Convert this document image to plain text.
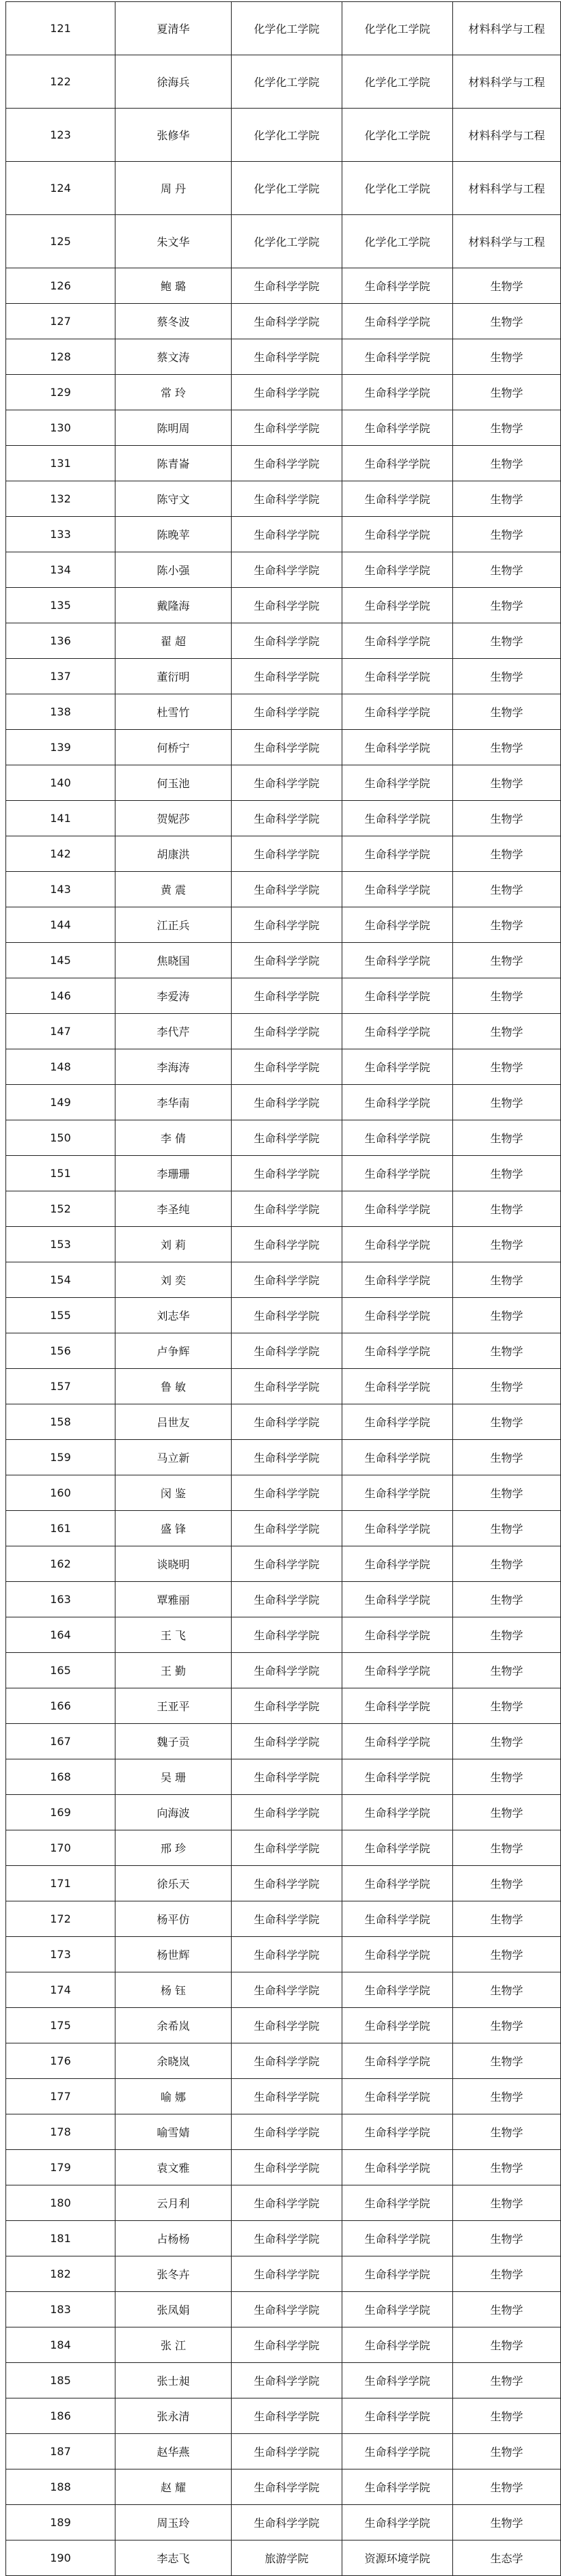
121	夏清华	化学化工学院	化学化工学院	材料科学与工程
122	徐海兵	化学化工学院	化学化工学院	材料科学与工程
123	张修华	化学化工学院	化学化工学院	材料科学与工程
124	周 丹	化学化工学院	化学化工学院	材料科学与工程
125	朱文华	化学化工学院	化学化工学院	材料科学与工程
126	鲍 璐	生命科学学院	生命科学学院	生物学
127	蔡冬波	生命科学学院	生命科学学院	生物学
128	蔡文涛	生命科学学院	生命科学学院	生物学
129	常 玲	生命科学学院	生命科学学院	生物学
130	陈明周	生命科学学院	生命科学学院	生物学
131	陈青崙	生命科学学院	生命科学学院	生物学
132	陈守文	生命科学学院	生命科学学院	生物学
133	陈晚苹	生命科学学院	生命科学学院	生物学
134	陈小强	生命科学学院	生命科学学院	生物学
135	戴隆海	生命科学学院	生命科学学院	生物学
136	翟 超	生命科学学院	生命科学学院	生物学
137	董衍明	生命科学学院	生命科学学院	生物学
138	杜雪竹	生命科学学院	生命科学学院	生物学
139	何桥宁	生命科学学院	生命科学学院	生物学
140	何玉池	生命科学学院	生命科学学院	生物学
141	贺妮莎	生命科学学院	生命科学学院	生物学
142	胡康洪	生命科学学院	生命科学学院	生物学
143	黄 震	生命科学学院	生命科学学院	生物学
144	江正兵	生命科学学院	生命科学学院	生物学
145	焦晓国	生命科学学院	生命科学学院	生物学
146	李爱涛	生命科学学院	生命科学学院	生物学
147	李代芹	生命科学学院	生命科学学院	生物学
148	李海涛	生命科学学院	生命科学学院	生物学
149	李华南	生命科学学院	生命科学学院	生物学
150	李 倩	生命科学学院	生命科学学院	生物学
151	李珊珊	生命科学学院	生命科学学院	生物学
152	李圣纯	生命科学学院	生命科学学院	生物学
153	刘 莉	生命科学学院	生命科学学院	生物学
154	刘 奕	生命科学学院	生命科学学院	生物学
155	刘志华	生命科学学院	生命科学学院	生物学
156	卢争辉	生命科学学院	生命科学学院	生物学
157	鲁 敏	生命科学学院	生命科学学院	生物学
158	吕世友	生命科学学院	生命科学学院	生物学
159	马立新	生命科学学院	生命科学学院	生物学
160	闵 鉴	生命科学学院	生命科学学院	生物学
161	盛 锋	生命科学学院	生命科学学院	生物学
162	谈晓明	生命科学学院	生命科学学院	生物学
163	覃雅丽	生命科学学院	生命科学学院	生物学
164	王 飞	生命科学学院	生命科学学院	生物学
165	王 勤	生命科学学院	生命科学学院	生物学
166	王亚平	生命科学学院	生命科学学院	生物学
167	魏子贡	生命科学学院	生命科学学院	生物学
168	吴 珊	生命科学学院	生命科学学院	生物学
169	向海波	生命科学学院	生命科学学院	生物学
170	邢 珍	生命科学学院	生命科学学院	生物学
171	徐乐天	生命科学学院	生命科学学院	生物学
172	杨平仿	生命科学学院	生命科学学院	生物学
173	杨世辉	生命科学学院	生命科学学院	生物学
174	杨 钰	生命科学学院	生命科学学院	生物学
175	余希岚	生命科学学院	生命科学学院	生物学
176	余晓岚	生命科学学院	生命科学学院	生物学
177	喻 娜	生命科学学院	生命科学学院	生物学
178	喻雪婧	生命科学学院	生命科学学院	生物学
179	袁文雅	生命科学学院	生命科学学院	生物学
180	云月利	生命科学学院	生命科学学院	生物学
181	占杨杨	生命科学学院	生命科学学院	生物学
182	张冬卉	生命科学学院	生命科学学院	生物学
183	张凤娟	生命科学学院	生命科学学院	生物学
184	张 江	生命科学学院	生命科学学院	生物学
185	张士昶	生命科学学院	生命科学学院	生物学
186	张永清	生命科学学院	生命科学学院	生物学
187	赵华燕	生命科学学院	生命科学学院	生物学
188	赵 耀	生命科学学院	生命科学学院	生物学
189	周玉玲	生命科学学院	生命科学学院	生物学
190	李志飞	旅游学院	资源环境学院	生态学
